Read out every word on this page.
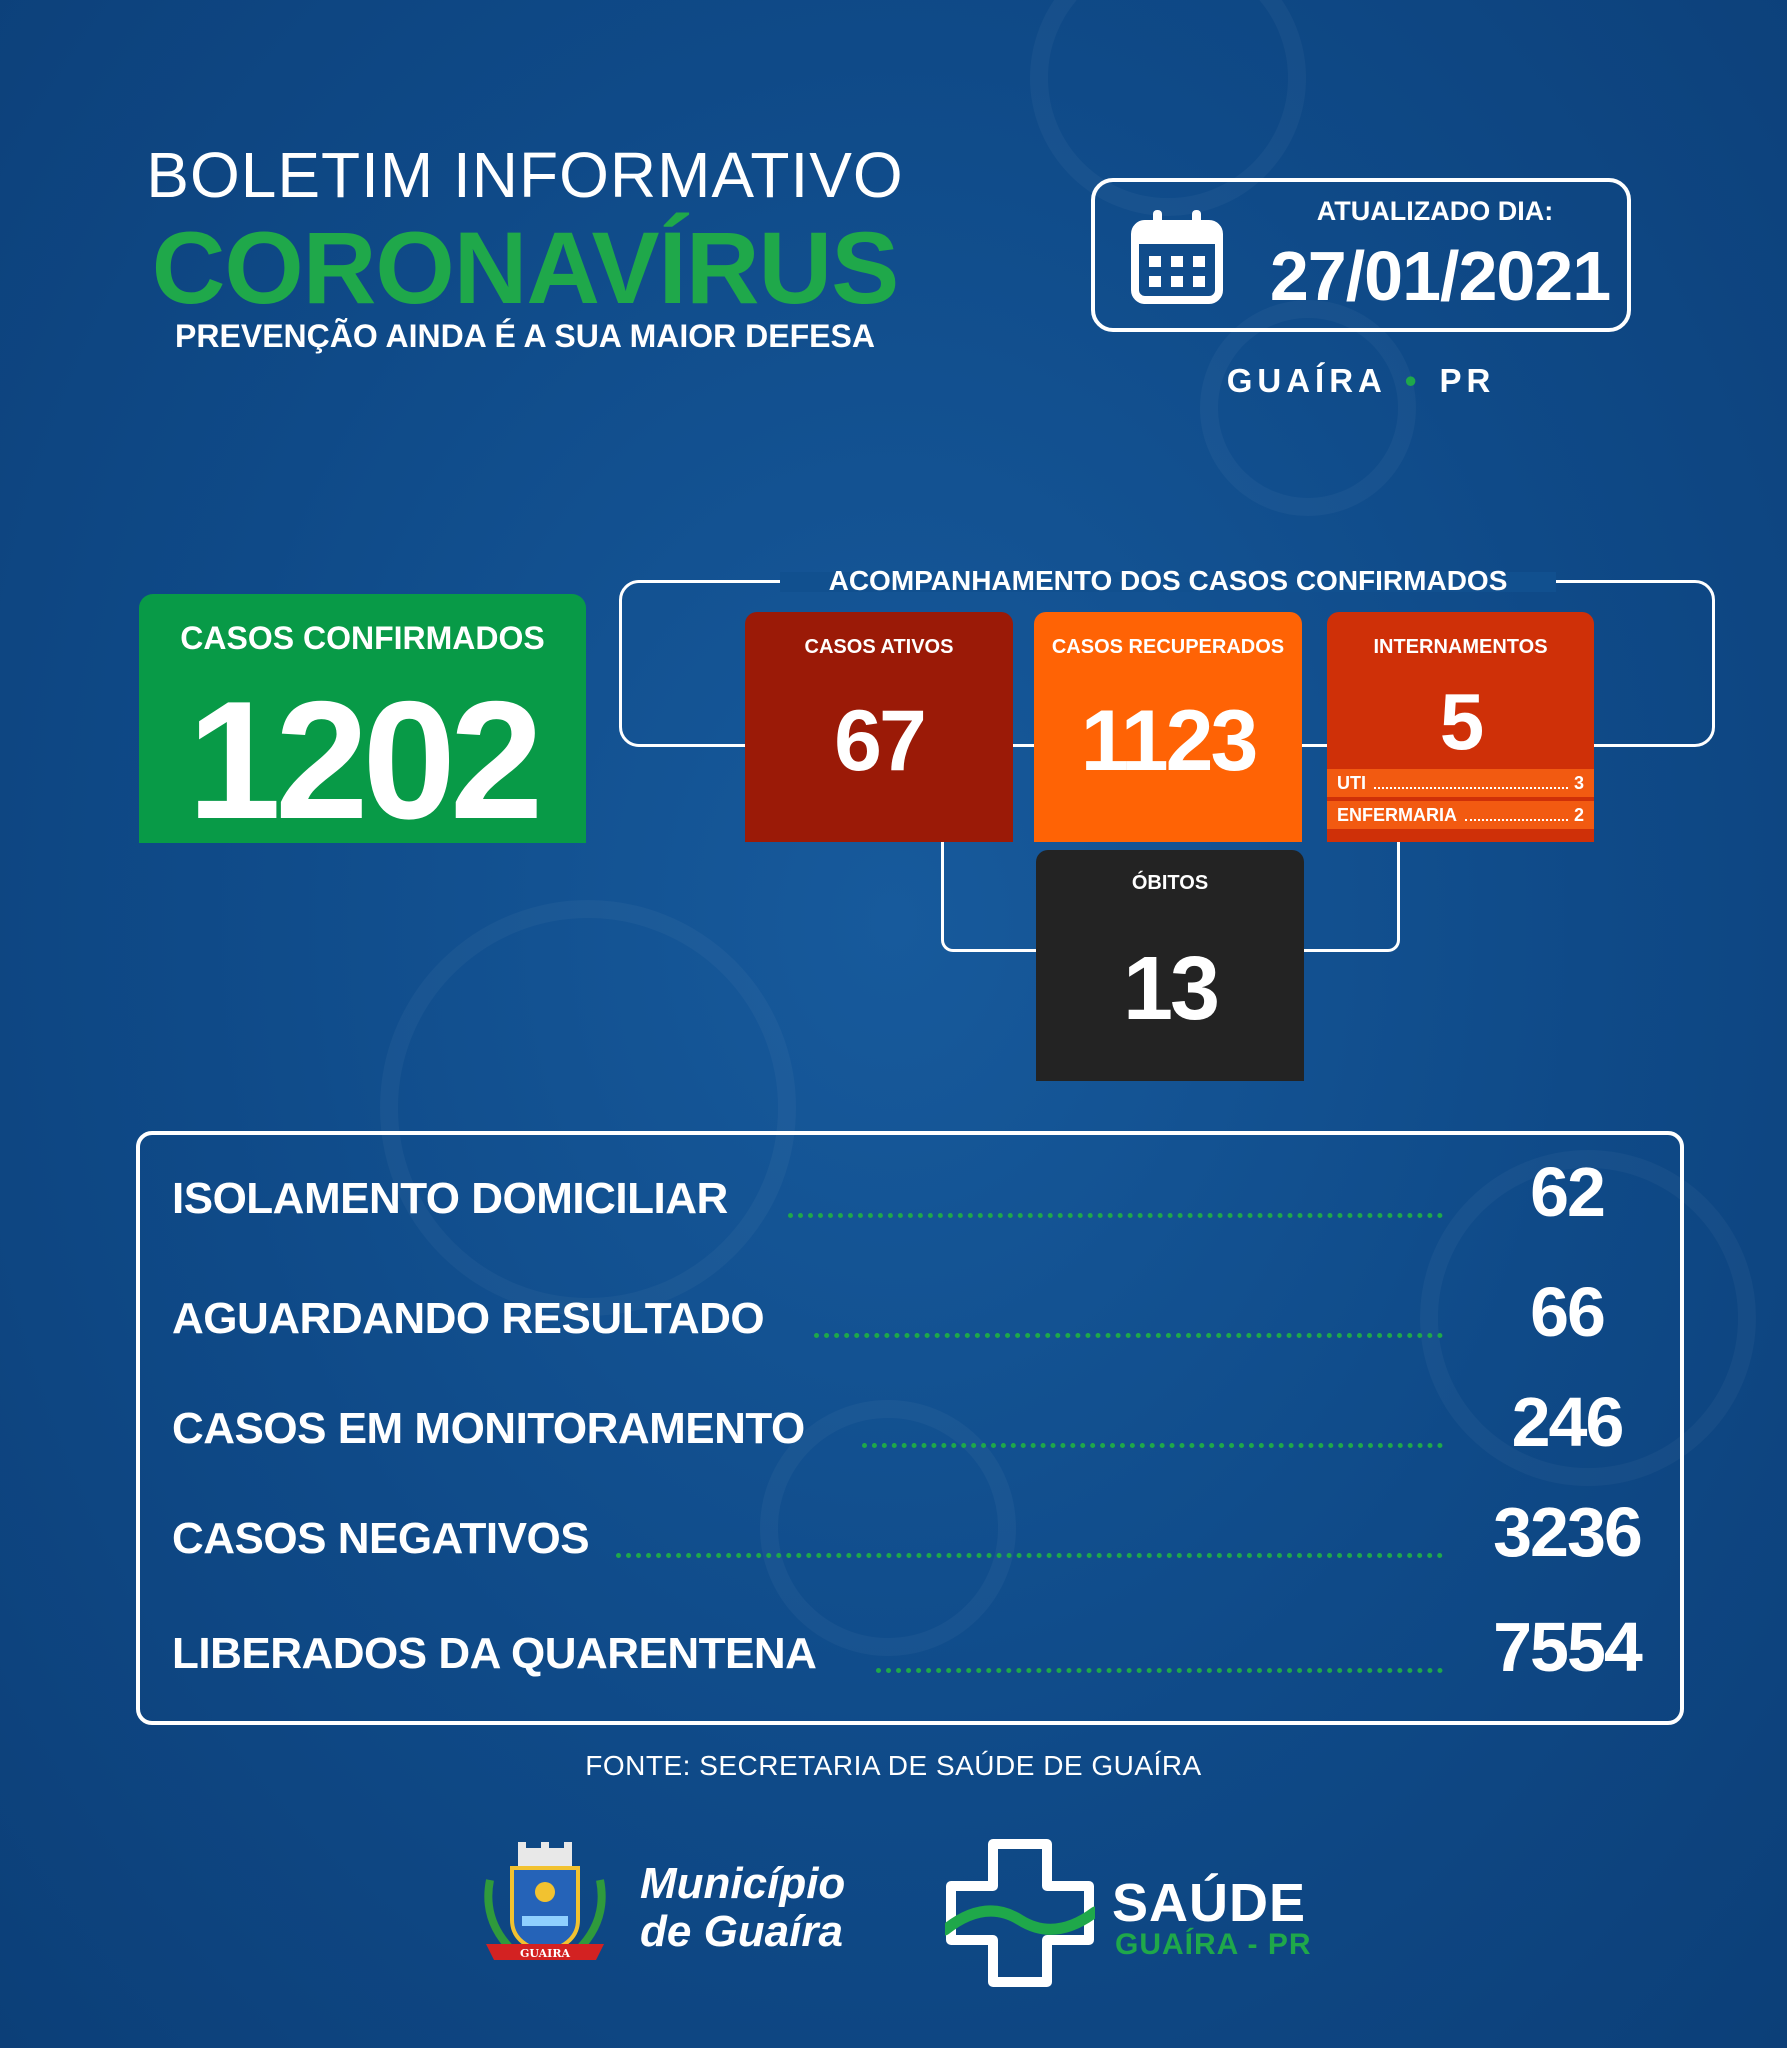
BOLETIM INFORMATIVO
CORONAVÍRUS
PREVENÇÃO AINDA É A SUA MAIOR DEFESA
ATUALIZADO DIA:
27/01/2021
GUAÍRA • PR
CASOS CONFIRMADOS
1202
ACOMPANHAMENTO DOS CASOS CONFIRMADOS
CASOS ATIVOS
67
CASOS RECUPERADOS
1123
INTERNAMENTOS
5
UTI	3
ENFERMARIA	2
ÓBITOS
13
ISOLAMENTO DOMICILIAR	62
AGUARDANDO RESULTADO	66
CASOS EM MONITORAMENTO	246
CASOS NEGATIVOS	3236
LIBERADOS DA QUARENTENA	7554
FONTE: SECRETARIA DE SAÚDE DE GUAÍRA
GUAIRA
Município
de Guaíra	SAÚDE
GUAÍRA - PR
